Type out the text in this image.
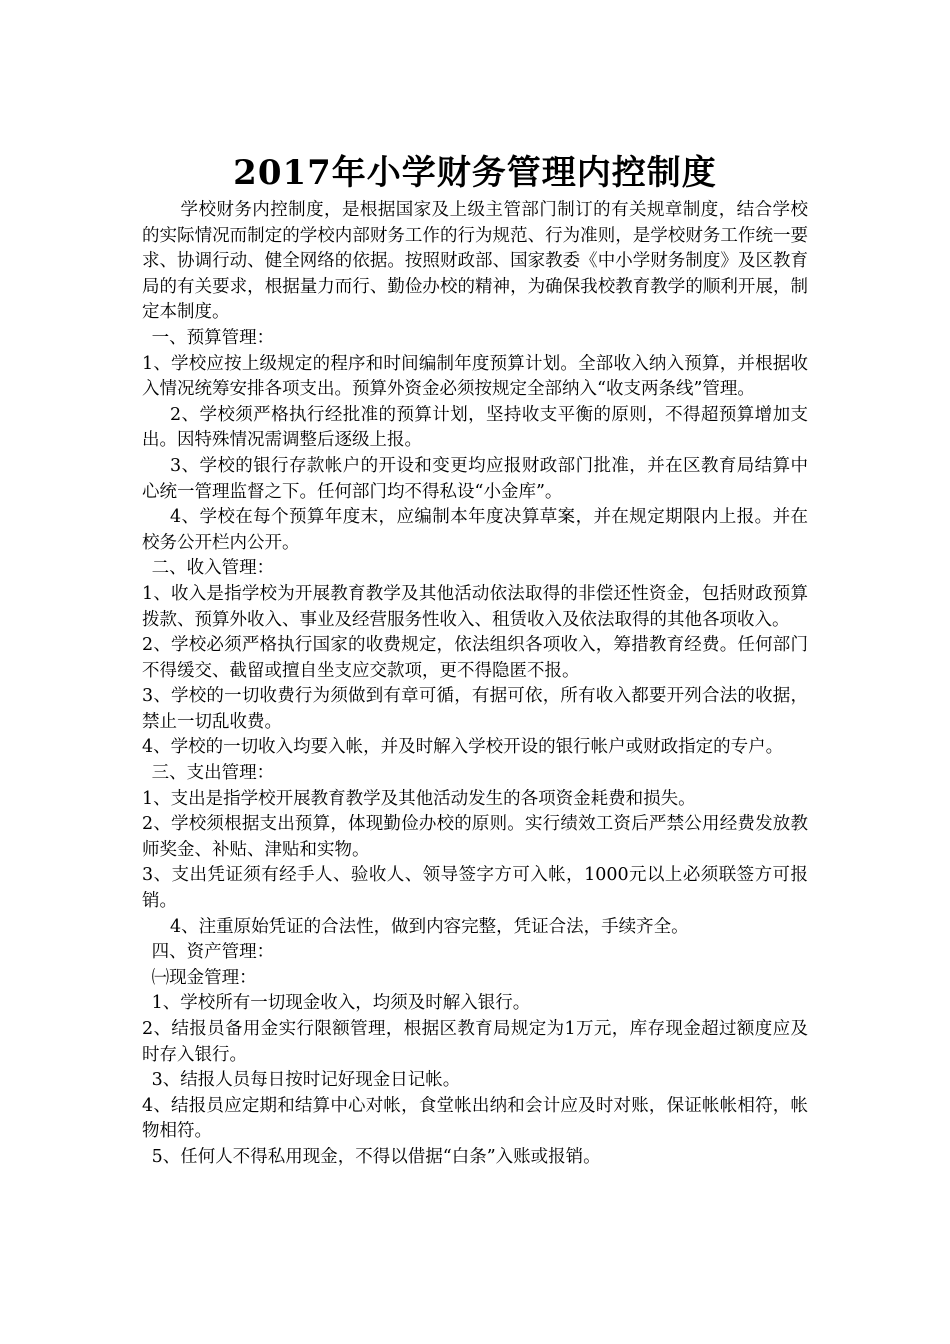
2017年小学财务管理内控制度

学校财务内控制度，是根据国家及上级主管部门制订的有关规章制度，结合学校的实际情况而制定的学校内部财务工作的行为规范、行为准则，是学校财务工作统一要求、协调行动、健全网络的依据。按照财政部、国家教委《中小学财务制度》及区教育局的有关要求，根据量力而行、勤俭办校的精神，为确保我校教育教学的顺利开展，制定本制度。

一、预算管理：

1、学校应按上级规定的程序和时间编制年度预算计划。全部收入纳入预算，并根据收入情况统筹安排各项支出。预算外资金必须按规定全部纳入“收支两条线”管理。

2、学校须严格执行经批准的预算计划，坚持收支平衡的原则，不得超预算增加支出。因特殊情况需调整后逐级上报。

3、学校的银行存款帐户的开设和变更均应报财政部门批准，并在区教育局结算中心统一管理监督之下。任何部门均不得私设“小金库”。

4、学校在每个预算年度末，应编制本年度决算草案，并在规定期限内上报。并在校务公开栏内公开。

二、收入管理：

1、收入是指学校为开展教育教学及其他活动依法取得的非偿还性资金，包括财政预算拨款、预算外收入、事业及经营服务性收入、租赁收入及依法取得的其他各项收入。

2、学校必须严格执行国家的收费规定，依法组织各项收入，筹措教育经费。任何部门不得缓交、截留或擅自坐支应交款项，更不得隐匿不报。

3、学校的一切收费行为须做到有章可循，有据可依，所有收入都要开列合法的收据，禁止一切乱收费。

4、学校的一切收入均要入帐，并及时解入学校开设的银行帐户或财政指定的专户。

三、支出管理：

1、支出是指学校开展教育教学及其他活动发生的各项资金耗费和损失。

2、学校须根据支出预算，体现勤俭办校的原则。实行绩效工资后严禁公用经费发放教师奖金、补贴、津贴和实物。

3、支出凭证须有经手人、验收人、领导签字方可入帐，1000元以上必须联签方可报销。

4、注重原始凭证的合法性，做到内容完整，凭证合法，手续齐全。

四、资产管理：

㈠现金管理：

1、学校所有一切现金收入，均须及时解入银行。

2、结报员备用金实行限额管理，根据区教育局规定为1万元，库存现金超过额度应及时存入银行。

3、结报人员每日按时记好现金日记帐。

4、结报员应定期和结算中心对帐，食堂帐出纳和会计应及时对账，保证帐帐相符，帐物相符。

5、任何人不得私用现金，不得以借据“白条”入账或报销。
